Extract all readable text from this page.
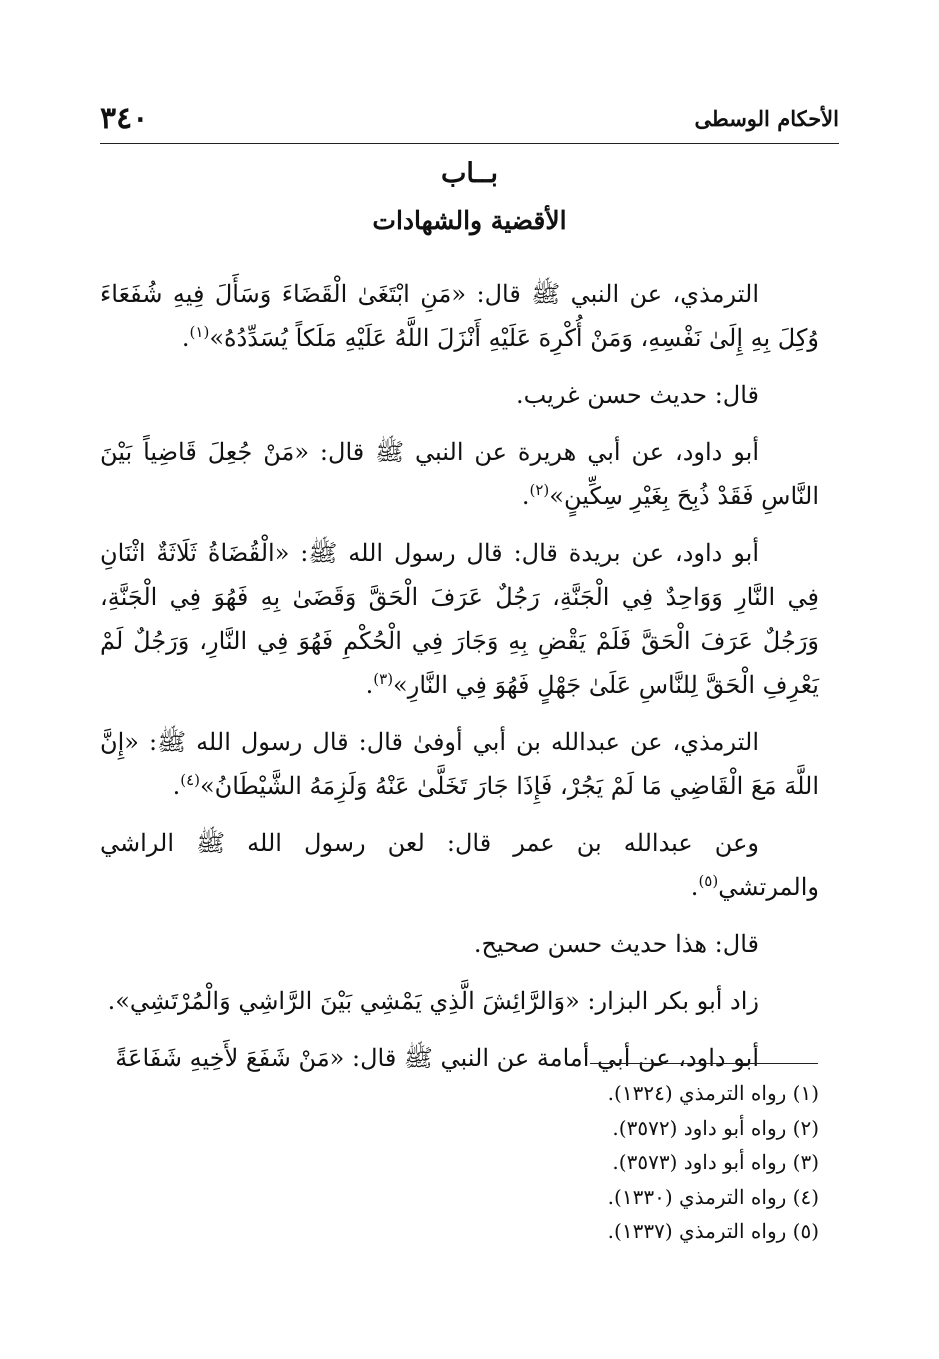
٣٤٠	الأحكام الوسطى
بــاب
الأقضية والشهادات

الترمذي، عن النبي ﷺ قال: «مَنِ ابْتَغَىٰ الْقَضَاءَ وَسَأَلَ فِيهِ شُفَعَاءَ وُكِلَ بِهِ إِلَىٰ نَفْسِهِ، وَمَنْ أُكْرِهَ عَلَيْهِ أَنْزَلَ اللَّهُ عَلَيْهِ مَلَكاً يُسَدِّدُهُ»$^{(١)}$.

قال: حديث حسن غريب.

أبو داود، عن أبي هريرة عن النبي ﷺ قال: «مَنْ جُعِلَ قَاضِياً بَيْنَ النَّاسِ فَقَدْ ذُبِحَ بِغَيْرِ سِكِّينٍ»$^{(٢)}$.

أبو داود، عن بريدة قال: قال رسول الله ﷺ: «الْقُضَاةُ ثَلَاثَةٌ اثْنَانِ فِي النَّارِ وَوَاحِدٌ فِي الْجَنَّةِ، رَجُلٌ عَرَفَ الْحَقَّ وَقَضَىٰ بِهِ فَهُوَ فِي الْجَنَّةِ، وَرَجُلٌ عَرَفَ الْحَقَّ فَلَمْ يَقْضِ بِهِ وَجَارَ فِي الْحُكْمِ فَهُوَ فِي النَّارِ، وَرَجُلٌ لَمْ يَعْرِفِ الْحَقَّ لِلنَّاسِ عَلَىٰ جَهْلٍ فَهُوَ فِي النَّارِ»$^{(٣)}$.

الترمذي، عن عبدالله بن أبي أوفىٰ قال: قال رسول الله ﷺ: «إِنَّ اللَّهَ مَعَ الْقَاضِي مَا لَمْ يَجُرْ، فَإِذَا جَارَ تَخَلَّىٰ عَنْهُ وَلَزِمَهُ الشَّيْطَانُ»$^{(٤)}$.

وعن عبدالله بن عمر قال: لعن رسول الله ﷺ الراشي والمرتشي$^{(٥)}$.

قال: هذا حديث حسن صحيح.

زاد أبو بكر البزار: «وَالرَّائِشَ الَّذِي يَمْشِي بَيْنَ الرَّاشِي وَالْمُرْتَشِي».

أبو داود، عن أبي أمامة عن النبي ﷺ قال: «مَنْ شَفَعَ لأَخِيهِ شَفَاعَةً

(١) رواه الترمذي (١٣٢٤).

(٢) رواه أبو داود (٣٥٧٢).

(٣) رواه أبو داود (٣٥٧٣).

(٤) رواه الترمذي (١٣٣٠).

(٥) رواه الترمذي (١٣٣٧).
